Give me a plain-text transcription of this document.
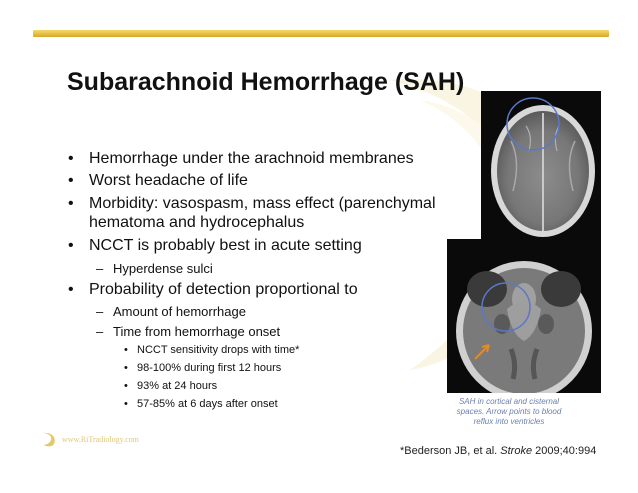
Subarachnoid Hemorrhage (SAH)
• Hemorrhage under the arachnoid membranes
• Worst headache of life
• Morbidity: vasospasm, mass effect (parenchymal
hematoma and hydrocephalus
• NCCT is probably best in acute setting
– Hyperdense sulci
• Probability of detection proportional to
– Amount of hemorrhage
– Time from hemorrhage onset
• NCCT sensitivity drops with time*
• 98-100% during first 12 hours
• 93% at 24 hours
• 57-85% at 6 days after onset	SAH in cortical and cisternal
spaces. Arrow points to blood
reflux into ventricles
www.RiTradiology.com
*Bederson JB, et al. Stroke 2009;40:994
